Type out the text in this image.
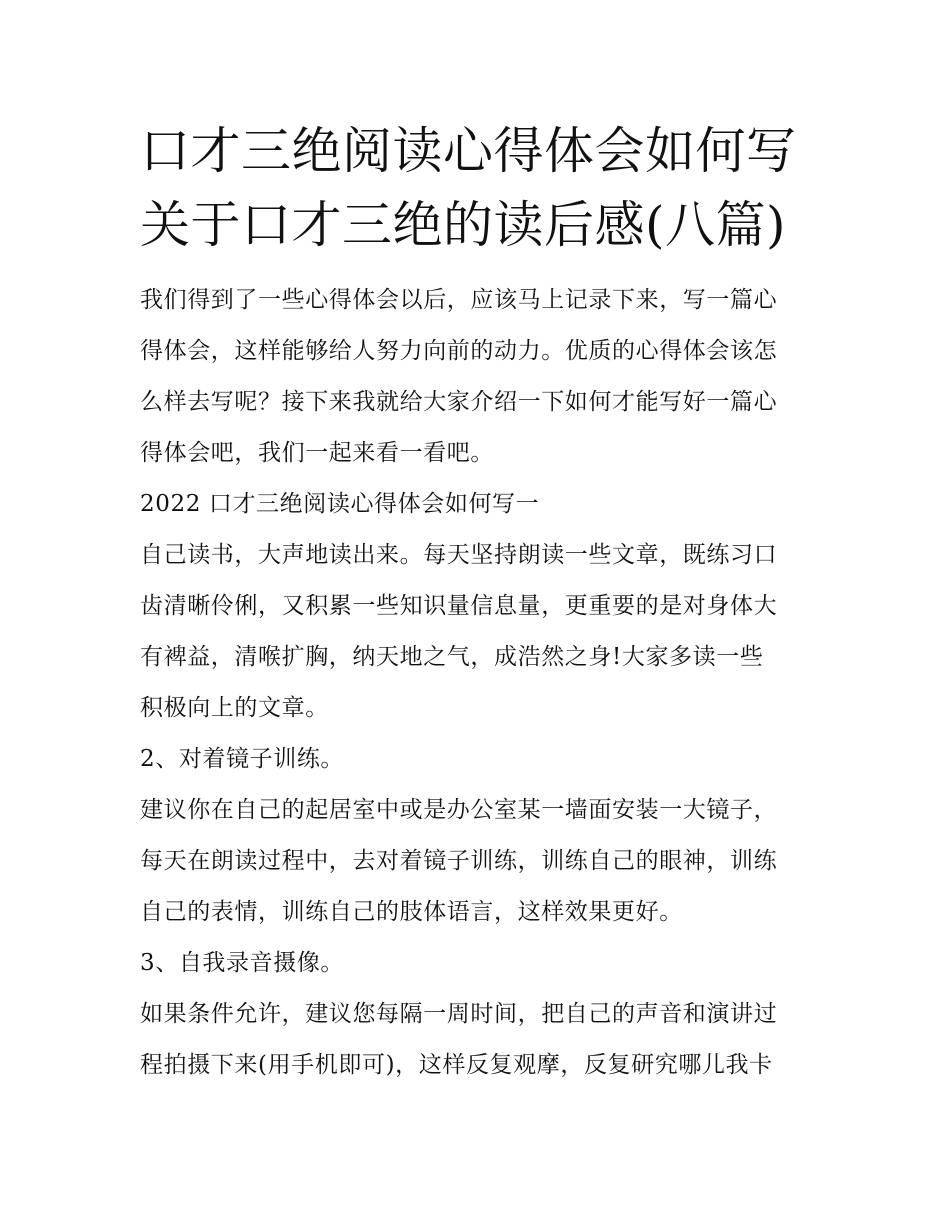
口才三绝阅读心得体会如何写
关于口才三绝的读后感(八篇)
我们得到了一些心得体会以后，应该马上记录下来，写一篇心
得体会，这样能够给人努力向前的动力。优质的心得体会该怎
么样去写呢？接下来我就给大家介绍一下如何才能写好一篇心
得体会吧，我们一起来看一看吧。
2022 口才三绝阅读心得体会如何写一
自己读书，大声地读出来。每天坚持朗读一些文章，既练习口
齿清晰伶俐，又积累一些知识量信息量，更重要的是对身体大
有裨益，清喉扩胸，纳天地之气，成浩然之身!大家多读一些
积极向上的文章。
2、对着镜子训练。
建议你在自己的起居室中或是办公室某一墙面安装一大镜子，
每天在朗读过程中，去对着镜子训练，训练自己的眼神，训练
自己的表情，训练自己的肢体语言，这样效果更好。
3、自我录音摄像。
如果条件允许，建议您每隔一周时间，把自己的声音和演讲过
程拍摄下来(用手机即可)，这样反复观摩，反复研究哪儿我卡
